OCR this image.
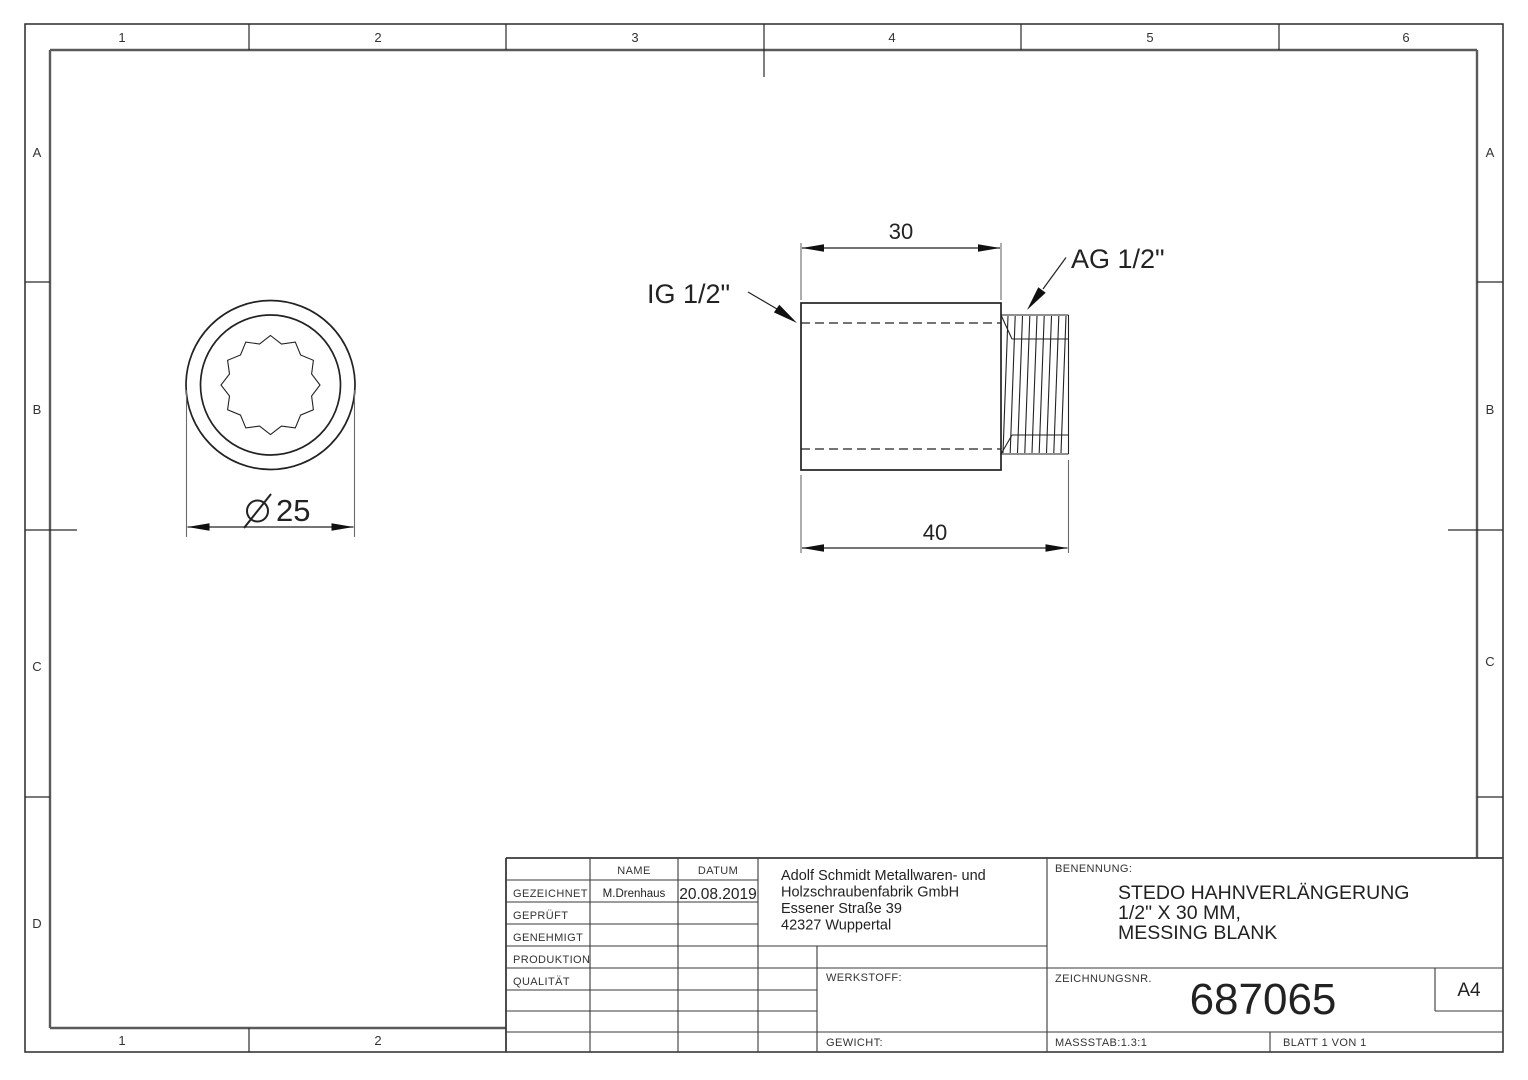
1	2	3	4	5	6
1	2
A
B
C
D
A
B
C
25
30
40
IG 1/2"
AG 1/2"
NAME	DATUM
GEZEICHNET M.Drenhaus 20.08.2019
GEPRÜFT
GENEHMIGT
PRODUKTION
QUALITÄT
Adolf Schmidt Metallwaren- und
Holzschraubenfabrik GmbH
Essener Straße 39
42327 Wuppertal
WERKSTOFF:
GEWICHT:
BENENNUNG:
STEDO HAHNVERLÄNGERUNG
1/2" X 30 MM,
MESSING BLANK
ZEICHNUNGSNR. 687065	A4
MASSSTAB:1.3:1	BLATT 1 VON 1
